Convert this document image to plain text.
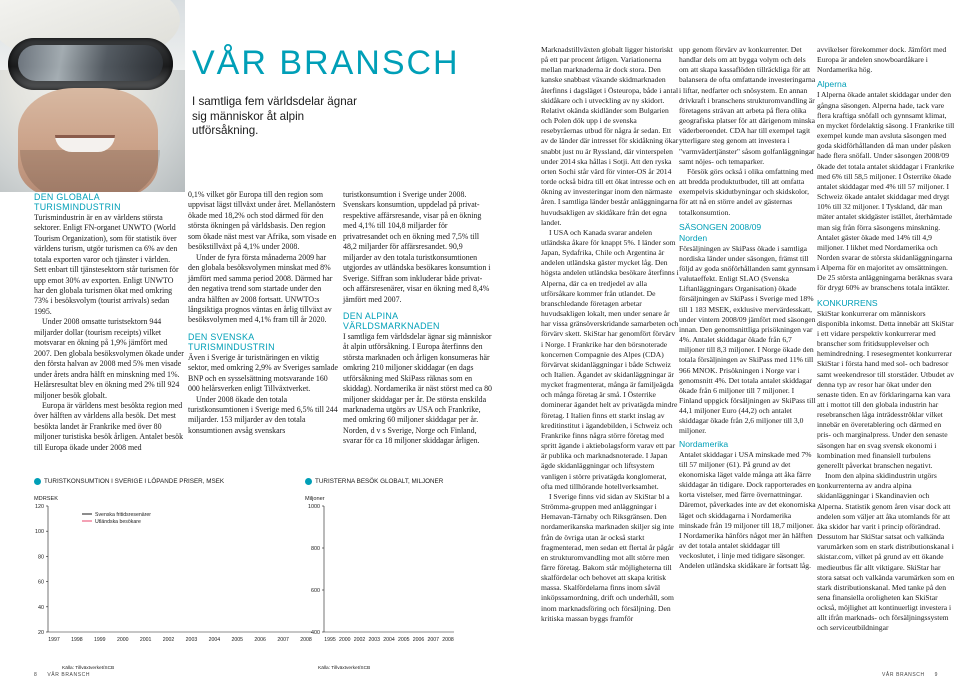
VÅR BRANSCH
I samtliga fem världsdelar ägnar sig människor åt alpin utförsåkning.

DEN GLOBALA TURISMINDUSTRIN

Turismindustrin är en av världens största sektorer. Enligt FN-organet UNWTO (World Tourism Organization), som för statistik över världens turism, utgör turismen ca 6% av den totala exporten varor och tjänster i världen. Sett enbart till tjänstesektorn står turismen för upp emot 30% av exporten. Enligt UNWTO har den globala turismen ökat med omkring 73% i besöksvolym (tourist arrivals) sedan 1995.

Under 2008 omsatte turistsektorn 944 miljarder dollar (tourism receipts) vilket motsvarar en ökning på 1,9% jämfört med 2007. Den globala besöksvolymen ökade under den första halvan av 2008 med 5% men visade under årets andra hälft en minskning med 1%. Helårsresultat blev en ökning med 2% till 924 miljoner besök globalt.

Europa är världens mest besökta region med över hälften av världens alla besök. Det mest besökta landet är Frankrike med över 80 miljoner turistiska besök årligen. Antalet besök till Europa ökade under 2008 med

0,1% vilket gör Europa till den region som uppvisat lägst tillväxt under året. Mellanöstern ökade med 18,2% och stod därmed för den största ökningen på världsbasis. Den region som ökade näst mest var Afrika, som visade en besökstillväxt på 4,1% under 2008.

Under de fyra första månaderna 2009 har den globala besöksvolymen minskat med 8% jämfört med samma period 2008. Därmed har den negativa trend som startade under den andra hälften av 2008 fortsatt. UNWTO:s långsiktiga prognos väntas en årlig tillväxt av besöksvolymen med 4,1% fram till år 2020.

DEN SVENSKA TURISMINDUSTRIN

Även i Sverige är turistnäringen en viktig sektor, med omkring 2,9% av Sveriges samlade BNP och en sysselsättning motsvarande 160 000 helårsverken enligt Tillväxtverket.

Under 2008 ökade den totala turistkonsumtionen i Sverige med 6,5% till 244 miljarder. 153 miljarder av den totala konsumtionen avsåg svenskars

turistkonsumtion i Sverige under 2008. Svenskars konsumtion, uppdelad på privat- respektive affärsresande, visar på en ökning med 4,1% till 104,8 miljarder för privatresandet och en ökning med 7,5% till 48,2 miljarder för affärsresandet. 90,9 miljarder av den totala turistkonsumtionen utgjordes av utländska besökares konsumtion i Sverige. Siffran som inkluderar både privat- och affärsresenärer, visar en ökning med 8,4% jämfört med 2007.

DEN ALPINA VÄRLDSMARKNADEN

I samtliga fem världsdelar ägnar sig människor åt alpin utförsåkning. I Europa återfinns den största marknaden och årligen konsumeras här omkring 210 miljoner skiddagar (en dags utförsåkning med SkiPass räknas som en skiddag). Nordamerika är näst störst med ca 80 miljoner skiddagar per år. De största enskilda marknaderna utgörs av USA och Frankrike, med omkring 60 miljoner skiddagar per år. Norden, d v s Sverige, Norge och Finland, svarar för ca 18 miljoner skiddagar årligen.

Marknadstillväxten globalt ligger historiskt på ett par procent årligen. Variationerna mellan marknaderna är dock stora. Den kanske snabbast växande skidmarknaden återfinns i dagsläget i Östeuropa, både i antal skidåkare och i utveckling av ny skidort. Relativt okända skidländer som Bulgarien och Polen dök upp i de svenska resebyråernas utbud för några år sedan. Ett av de länder där intresset för skidåkning ökar snabbt just nu är Ryssland, där vinterspelen under 2014 ska hållas i Sotji. Att den ryska orten Sochi står värd för vinter-OS år 2014 torde också bidra till ett ökat intresse och en ökning av investeringar inom den närmaste åren. I samtliga länder består anläggningarna huvudsakligen av skidåkare från det egna landet.

I USA och Kanada svarar andelen utländska åkare för knappt 5%. I länder som Japan, Sydafrika, Chile och Argentina är andelen utländska gäster mycket låg. Den högsta andelen utländska besökare återfinns i Alperna, där ca en tredjedel av alla utförsåkare kommer från utlandet. De branschledande företagen arbetar huvudsakligen lokalt, men under senare år har vissa gränsöverskridande samarbeten och förvärv skett. SkiStar har genomfört förvärv i Norge. I Frankrike har den börsnoterade koncernen Compagnie des Alpes (CDA) förvärvat skidanläggningar i både Schweiz och Italien. Ägandet av skidanläggningar är mycket fragmenterat, många är familjeägda och många företag är små. I Österrike dominerar ägandet helt av privatägda mindre företag. I Italien finns ett starkt inslag av kreditinstitut i ägandebilden, i Schweiz och Frankrike finns några större företag med spritt ägande i aktiebolagsform varav ett par är publika och marknadsnoterade. I Japan ägde skidanläggningar och liftsystem vanligen i större privatägda konglomerat, ofta med tillhörande hotellverksamhet.

I Sverige finns vid sidan av SkiStar bl a Strömma-gruppen med anläggningar i Hemavan-Tärnaby och Riksgränsen. Den nordamerikanska marknaden skiljer sig inte från de övriga utan är också starkt fragmenterad, men sedan ett flertal år pågår en strukturomvandling mot allt större men färre företag. Bakom står möjligheterna till skalfördelar och behovet att skapa kritisk massa. Skalfördelarna finns inom såväl inköpssamordning, drift och underhåll, som inom marknadsföring och försäljning. Den kritiska massan byggs framför

upp genom förvärv av konkurrenter. Det handlar dels om att bygga volym och dels om att skapa kassaflöden tillräckliga för att balansera de ofta omfattande investeringarna i liftar, nedfarter och snösystem. En annan drivkraft i branschens strukturomvandling är företagens strävan att arbeta på flera olika geografiska platser för att därigenom minska väderberoendet. CDA har till exempel tagit ytterligare steg genom att investera i "varmvädertjänster" såsom golfanläggningar samt nöjes- och temaparker.

Försök görs också i olika omfattning med att bredda produktutbudet, till att omfatta exempelvis skidutbyningar och skidskolor, för att nå en större andel av gästernas totalkonsumtion.

SÄSONGEN 2008/09

Norden

Försäljningen av SkiPass ökade i samtliga nordiska länder under säsongen, främst till följd av goda snöförhållanden samt gynnsam valutaeffekt. Enligt SLAO (Svenska Liftanläggningars Organisation) ökade försäljningen av SkiPass i Sverige med 18% till 1 183 MSEK, exklusive mervärdesskatt, under vintern 2008/09 jämfört med säsongen innan. Den genomsnittliga prisökningen var 4%. Antalet skiddagar ökade från 6,7 miljoner till 8,3 miljoner. I Norge ökade den totala försäljningen av SkiPass med 11% till 966 MNOK. Prisökningen i Norge var i genomsnitt 4%. Det totala antalet skiddagar ökade från 6 miljoner till 7 miljoner. I Finland uppgick försäljningen av SkiPass till 44,1 miljoner Euro (44,2) och antalet skiddagar ökade från 2,6 miljoner till 3,0 miljoner.

Nordamerika

Antalet skiddagar i USA minskade med 7% till 57 miljoner (61). På grund av det ekonomiska läget valde många att åka färre skiddagar än tidigare. Dock rapporterades en korta vistelser, med färre övernattningar. Däremot, påverkades inte av det ekonomiska läget och skiddagarna i Nordamerika minskade från 19 miljoner till 18,7 miljoner. I Nordamerika hänförs något mer än hälften av det totala antalet skiddagar till veckoslutet, i linje med tidigare säsonger. Andelen utländska skidåkare är fortsatt låg.

avvikelser förekommer dock. Jämfört med Europa är andelen snowboardåkare i Nordamerika hög.

Alperna

I Alperna ökade antalet skiddagar under den gångna säsongen. Alperna hade, tack vare flera kraftiga snöfall och gynnsamt klimat, en mycket fördelaktig säsong. I Frankrike till exempel kunde man avsluta säsongen med goda skidförhållanden då man under påsken hade flera snöfall. Under säsongen 2008/09 ökade det totala antalet skiddagar i Frankrike med 6% till 58,5 miljoner. I Österrike ökade antalet skiddagar med 4% till 57 miljoner. I Schweiz ökade antalet skiddagar med drygt 10% till 32 miljoner. I Tyskland, där man mäter antalet skidgäster istället, återhämtade man sig från förra säsongens minskning. Antalet gäster ökade med 14% till 4,9 miljoner. I likhet med Nordamerika och Norden svarar de största skidanläggningarna i Alperna för en majoritet av omsättningen. De 25 största anläggningarna beräknas svara för drygt 60% av branschens totala intäkter.

KONKURRENS

SkiStar konkurrerar om människors disponibla inkomst. Detta innebär att SkiStar i ett vidare perspektiv konkurrerar med branscher som fritidsupplevelser och hemindredning. I resesegmentet konkurrerar SkiStar i första hand med sol- och badresor samt weekendresor till storstäder. Utbudet av denna typ av resor har ökat under den senaste tiden. En av förklaringarna kan vara att i mottot till den globala industrin har resebranschen låga inträdesströklar vilket innebär en överetablering och därmed en pris- och marginalpress. Under den senaste säsongen har en svag svensk ekonomi i kombination med finansiell turbulens generellt påverkat branschen negativt.

Inom den alpina skidindustrin utgörs konkurrenterna av andra alpina skidanläggningar i Skandinavien och Alperna. Statistik genom åren visar dock att andelen som väljer att åka utomlands för att åka skidor har varit i princip oförändrad. Dessutom har SkiStar satsat och valkända varumärken som en stark distributionskanal i skistar.com, vilket på grund av ett ökande medieutbus får allt viktigare. SkiStar har stora satsat och valkända varumärken som en stark distributionskanal. Med tanke på den sena finansiella oroligheten kan SkiStar också, möjlighet att kontinuerligt investera i allt ifrån marknads- och försäljningssystem och serviceutbildningar

TURISTKONSUMTION I SVERIGE I LÖPANDE PRISER, MSEK
MDRSEK
20
40
60
80
100
120
1997 1998 1999 2000 2001 2002 2003 2004 2005 2006 2007 2008
Svenska fritidsresenärer
Utländska besökare
Källa: Tillväxtverket/SCB
TURISTERNA BESÖK GLOBALT, MILJONER
Miljoner
400
600
800
1000
1995 2000 2002 2003 2004 2005 2006 2007 2008
Källa: Tillväxtverket/SCB
8 VÅR BRANSCH	VÅR BRANSCH 9
